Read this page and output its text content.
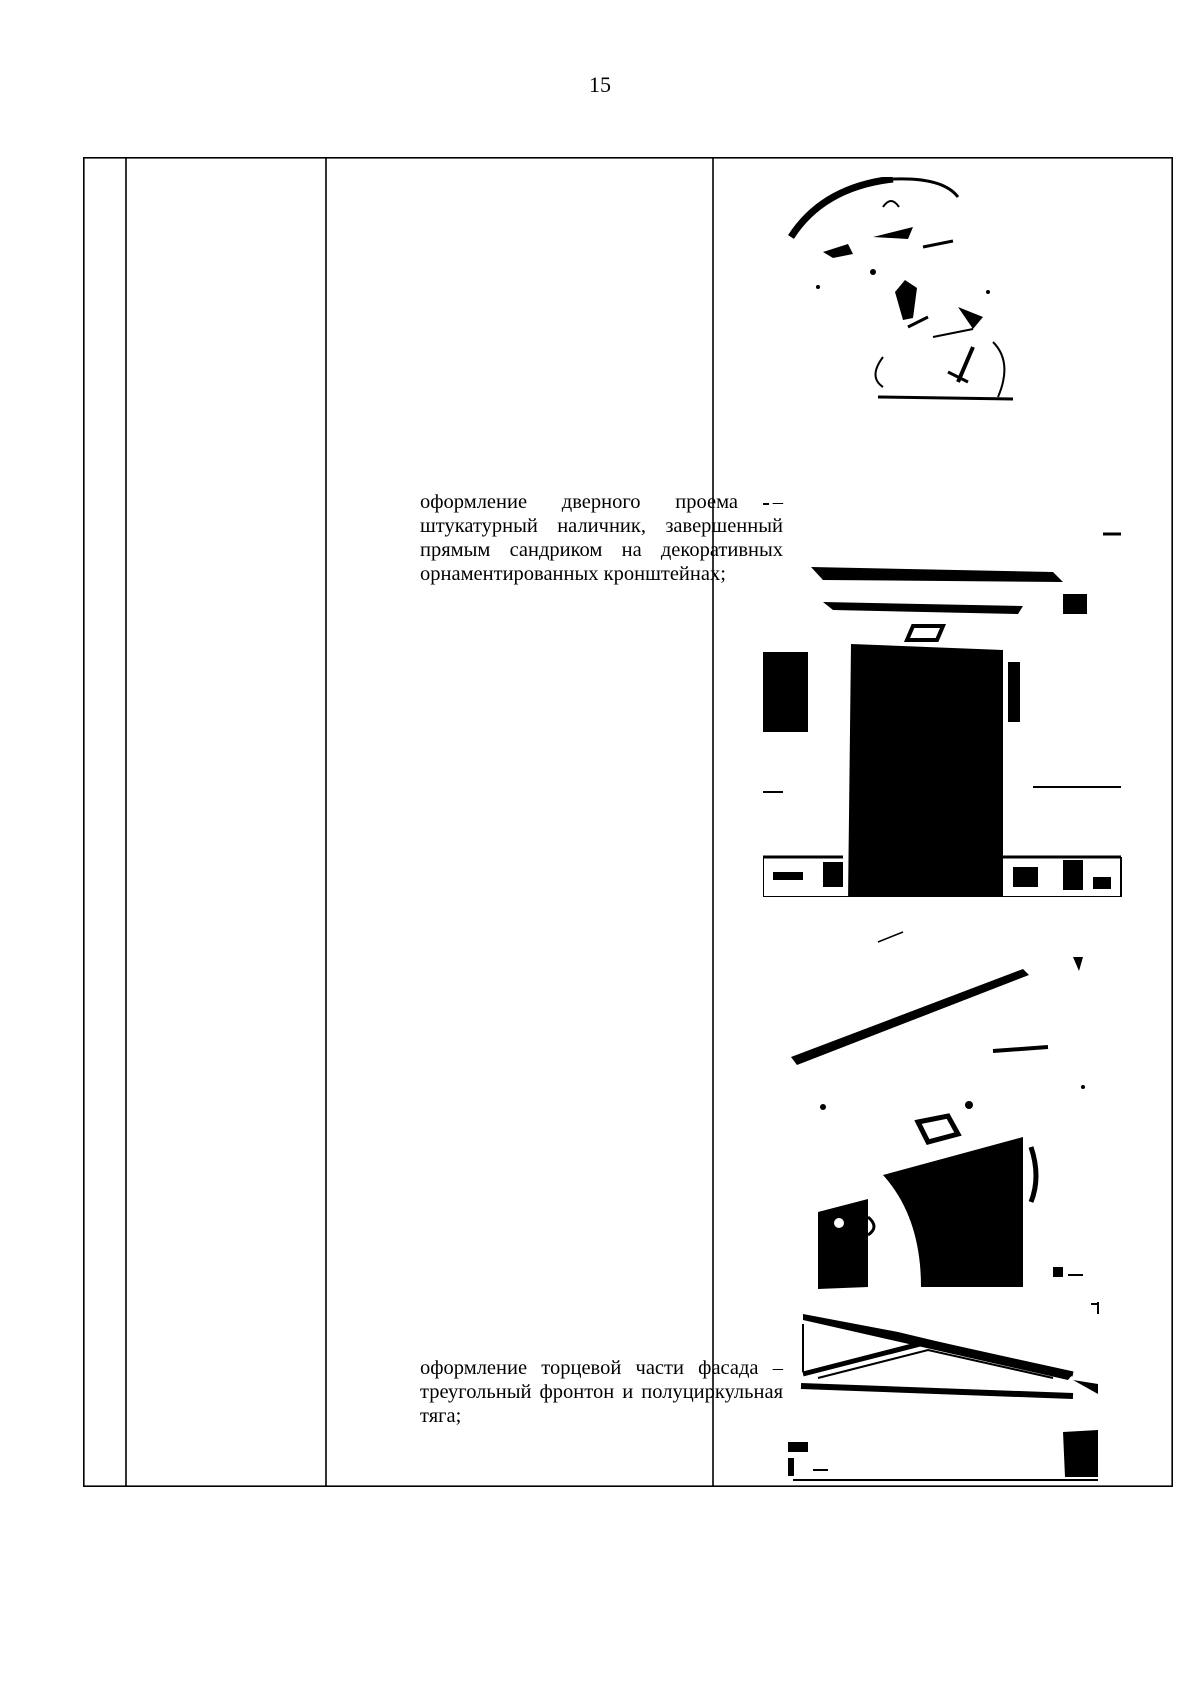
15
оформление дверного проема – штукатурный наличник, завершенный прямым сандриком на декоративных орнаментированных кронштейнах;
оформление торцевой части фасада – треугольный фронтон и полуциркульная тяга;
